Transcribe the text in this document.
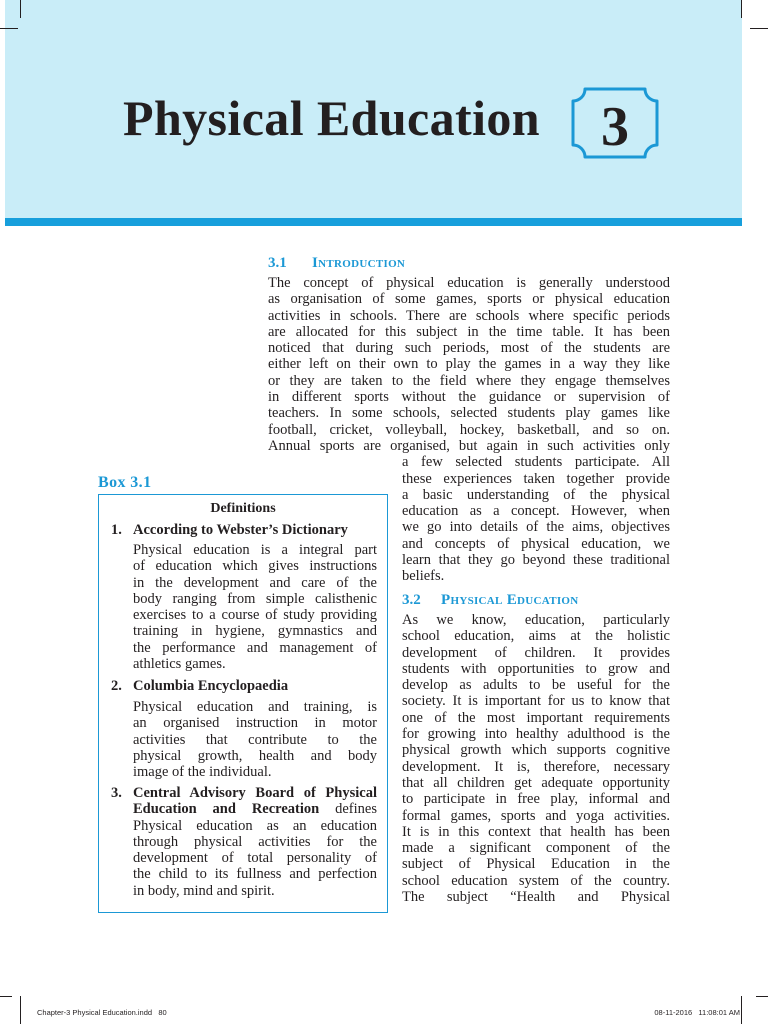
Physical Education	3
3.1 Introduction
The concept of physical education is generally understood
as organisation of some games, sports or physical education
activities in schools. There are schools where specific periods
are allocated for this subject in the time table. It has been
noticed that during such periods, most of the students are
either left on their own to play the games in a way they like
or they are taken to the field where they engage themselves
in different sports without the guidance or supervision of
teachers. In some schools, selected students play games like
football, cricket, volleyball, hockey, basketball, and so on.
Annual sports are organised, but again in such activities only
a few selected students participate. All
these experiences taken together provide
a basic understanding of the physical
education as a concept. However, when
we go into details of the aims, objectives
and concepts of physical education, we
learn that they go beyond these traditional
beliefs.
3.2 Physical Education
As we know, education, particularly
school education, aims at the holistic
development of children. It provides
students with opportunities to grow and
develop as adults to be useful for the
society. It is important for us to know that
one of the most important requirements
for growing into healthy adulthood is the
physical growth which supports cognitive
development. It is, therefore, necessary
that all children get adequate opportunity
to participate in free play, informal and
formal games, sports and yoga activities.
It is in this context that health has been
made a significant component of the
subject of Physical Education in the
school education system of the country.
The subject “Health and Physical
Box 3.1
Definitions
1. According to Webster’s Dictionary
Physical education is a integral part
of education which gives instructions
in the development and care of the
body ranging from simple calisthenic
exercises to a course of study providing
training in hygiene, gymnastics and
the performance and management of
athletics games.
2. Columbia Encyclopaedia
Physical education and training, is
an organised instruction in motor
activities that contribute to the
physical growth, health and body
image of the individual.
3. Central Advisory Board of Physical
Education and Recreation defines
Physical education as an education
through physical activities for the
development of total personality of
the child to its fullness and perfection
in body, mind and spirit.
Chapter-3 Physical Education.indd   80	08-11-2016   11:08:01 AM
